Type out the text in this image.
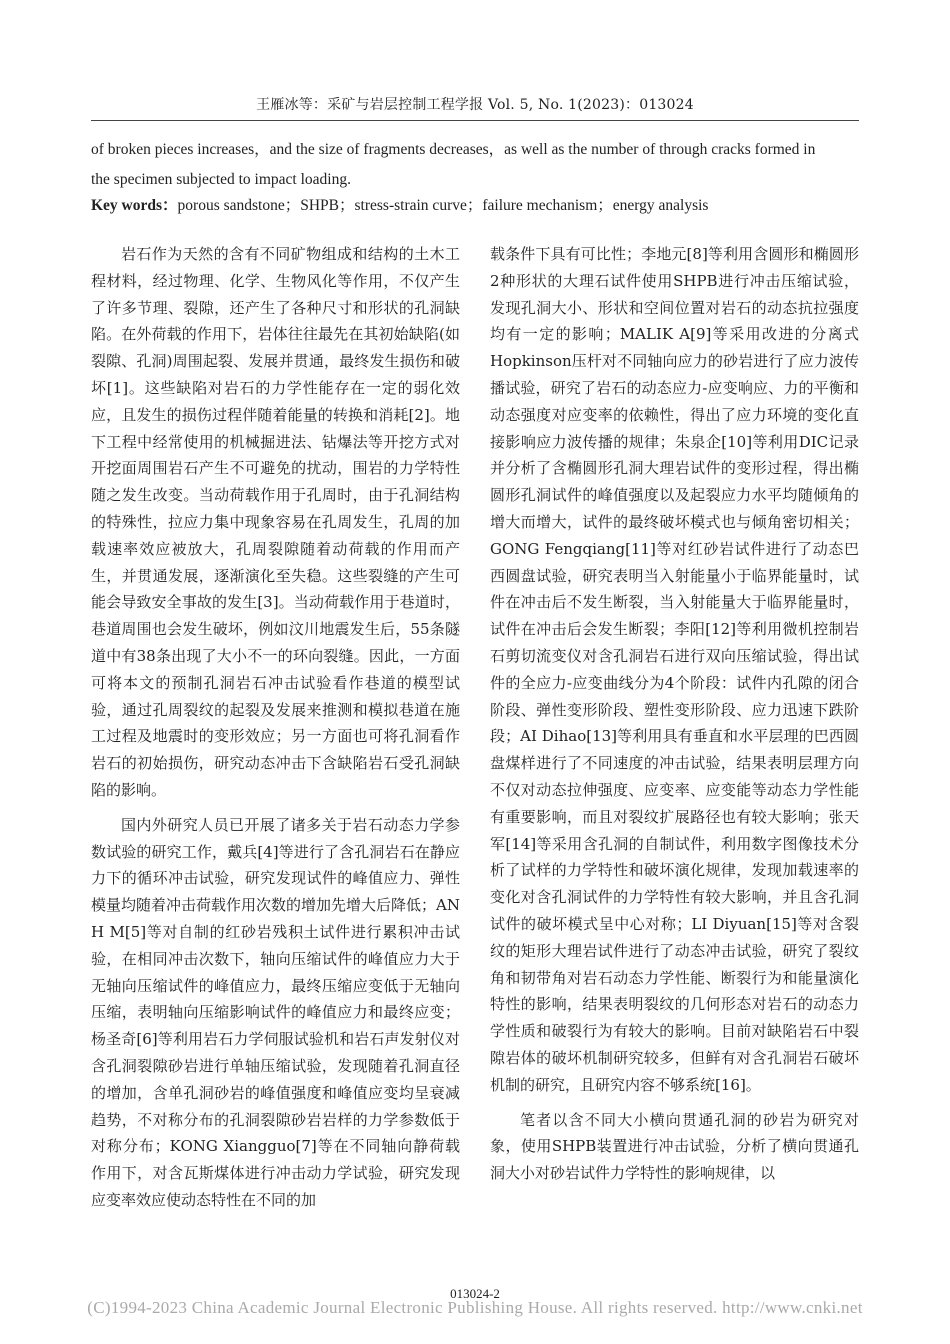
王雁冰等：采矿与岩层控制工程学报 Vol. 5, No. 1(2023)：013024
of broken pieces increases，and the size of fragments decreases，as well as the number of through cracks formed in
the specimen subjected to impact loading.
Key words：porous sandstone；SHPB；stress-strain curve；failure mechanism；energy analysis

岩石作为天然的含有不同矿物组成和结构的土木工程材料，经过物理、化学、生物风化等作用，不仅产生了许多节理、裂隙，还产生了各种尺寸和形状的孔洞缺陷。在外荷载的作用下，岩体往往最先在其初始缺陷(如裂隙、孔洞)周围起裂、发展并贯通，最终发生损伤和破坏[1]。这些缺陷对岩石的力学性能存在一定的弱化效应，且发生的损伤过程伴随着能量的转换和消耗[2]。地下工程中经常使用的机械掘进法、钻爆法等开挖方式对开挖面周围岩石产生不可避免的扰动，围岩的力学特性随之发生改变。当动荷载作用于孔周时，由于孔洞结构的特殊性，拉应力集中现象容易在孔周发生，孔周的加载速率效应被放大，孔周裂隙随着动荷载的作用而产生，并贯通发展，逐渐演化至失稳。这些裂缝的产生可能会导致安全事故的发生[3]。当动荷载作用于巷道时，巷道周围也会发生破坏，例如汶川地震发生后，55条隧道中有38条出现了大小不一的环向裂缝。因此，一方面可将本文的预制孔洞岩石冲击试验看作巷道的模型试验，通过孔周裂纹的起裂及发展来推测和模拟巷道在施工过程及地震时的变形效应；另一方面也可将孔洞看作岩石的初始损伤，研究动态冲击下含缺陷岩石受孔洞缺陷的影响。

国内外研究人员已开展了诸多关于岩石动态力学参数试验的研究工作，戴兵[4]等进行了含孔洞岩石在静应力下的循环冲击试验，研究发现试件的峰值应力、弹性模量均随着冲击荷载作用次数的增加先增大后降低；AN H M[5]等对自制的红砂岩残积土试件进行累积冲击试验，在相同冲击次数下，轴向压缩试件的峰值应力大于无轴向压缩试件的峰值应力，最终压缩应变低于无轴向压缩，表明轴向压缩影响试件的峰值应力和最终应变；杨圣奇[6]等利用岩石力学伺服试验机和岩石声发射仪对含孔洞裂隙砂岩进行单轴压缩试验，发现随着孔洞直径的增加，含单孔洞砂岩的峰值强度和峰值应变均呈衰减趋势，不对称分布的孔洞裂隙砂岩岩样的力学参数低于对称分布；KONG Xiangguo[7]等在不同轴向静荷载作用下，对含瓦斯煤体进行冲击动力学试验，研究发现应变率效应使动态特性在不同的加

载条件下具有可比性；李地元[8]等利用含圆形和椭圆形2种形状的大理石试件使用SHPB进行冲击压缩试验，发现孔洞大小、形状和空间位置对岩石的动态抗拉强度均有一定的影响；MALIK A[9]等采用改进的分离式Hopkinson压杆对不同轴向应力的砂岩进行了应力波传播试验，研究了岩石的动态应力-应变响应、力的平衡和动态强度对应变率的依赖性，得出了应力环境的变化直接影响应力波传播的规律；朱泉企[10]等利用DIC记录并分析了含椭圆形孔洞大理岩试件的变形过程，得出椭圆形孔洞试件的峰值强度以及起裂应力水平均随倾角的增大而增大，试件的最终破坏模式也与倾角密切相关；GONG Fengqiang[11]等对红砂岩试件进行了动态巴西圆盘试验，研究表明当入射能量小于临界能量时，试件在冲击后不发生断裂，当入射能量大于临界能量时，试件在冲击后会发生断裂；李阳[12]等利用微机控制岩石剪切流变仪对含孔洞岩石进行双向压缩试验，得出试件的全应力-应变曲线分为4个阶段：试件内孔隙的闭合阶段、弹性变形阶段、塑性变形阶段、应力迅速下跌阶段；AI Dihao[13]等利用具有垂直和水平层理的巴西圆盘煤样进行了不同速度的冲击试验，结果表明层理方向不仅对动态拉伸强度、应变率、应变能等动态力学性能有重要影响，而且对裂纹扩展路径也有较大影响；张天军[14]等采用含孔洞的自制试件，利用数字图像技术分析了试样的力学特性和破坏演化规律，发现加载速率的变化对含孔洞试件的力学特性有较大影响，并且含孔洞试件的破坏模式呈中心对称；LI Diyuan[15]等对含裂纹的矩形大理岩试件进行了动态冲击试验，研究了裂纹角和韧带角对岩石动态力学性能、断裂行为和能量演化特性的影响，结果表明裂纹的几何形态对岩石的动态力学性质和破裂行为有较大的影响。目前对缺陷岩石中裂隙岩体的破坏机制研究较多，但鲜有对含孔洞岩石破坏机制的研究，且研究内容不够系统[16]。

笔者以含不同大小横向贯通孔洞的砂岩为研究对象，使用SHPB装置进行冲击试验，分析了横向贯通孔洞大小对砂岩试件力学特性的影响规律，以

013024-2
(C)1994-2023 China Academic Journal Electronic Publishing House. All rights reserved. http://www.cnki.net
